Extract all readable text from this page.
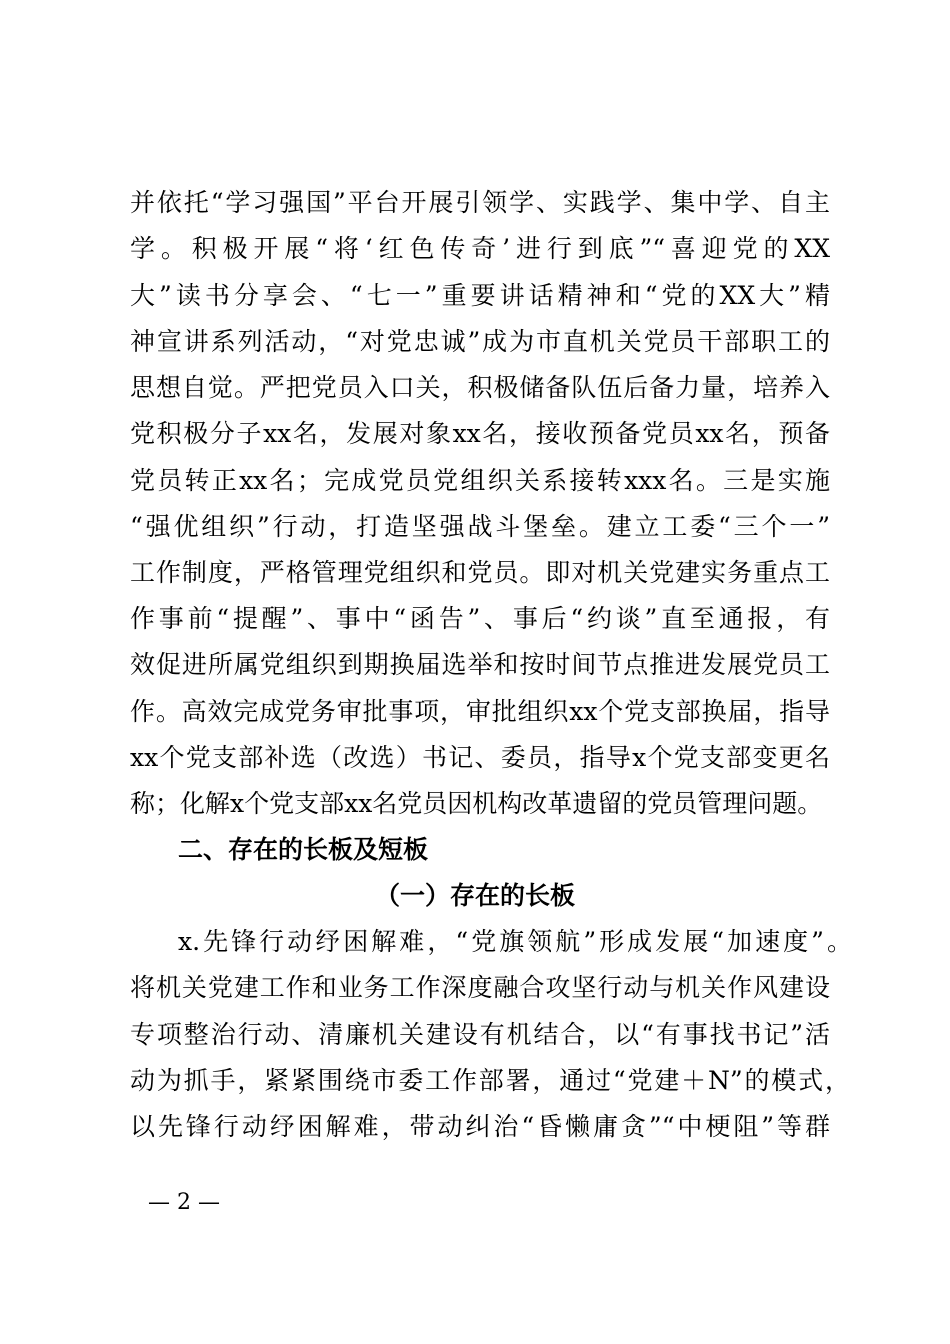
并依托“学习强国”平台开展引领学、实践学、集中学、自主
学。积极开展“将‘红色传奇’进行到底”“喜迎党的XX
大”读书分享会、“七一”重要讲话精神和“党的XX大”精
神宣讲系列活动，“对党忠诚”成为市直机关党员干部职工的
思想自觉。严把党员入口关，积极储备队伍后备力量，培养入
党积极分子xx名，发展对象xx名，接收预备党员xx名，预备
党员转正xx名；完成党员党组织关系接转xxx名。三是实施
“强优组织”行动，打造坚强战斗堡垒。建立工委“三个一”
工作制度，严格管理党组织和党员。即对机关党建实务重点工
作事前“提醒”、事中“函告”、事后“约谈”直至通报，有
效促进所属党组织到期换届选举和按时间节点推进发展党员工
作。高效完成党务审批事项，审批组织xx个党支部换届，指导
xx个党支部补选（改选）书记、委员，指导x个党支部变更名
称；化解x个党支部xx名党员因机构改革遗留的党员管理问题。
二、存在的长板及短板
（一）存在的长板
x.先锋行动纾困解难，“党旗领航”形成发展“加速度”。
将机关党建工作和业务工作深度融合攻坚行动与机关作风建设
专项整治行动、清廉机关建设有机结合，以“有事找书记”活
动为抓手，紧紧围绕市委工作部署，通过“党建＋N”的模式，
以先锋行动纾困解难，带动纠治“昏懒庸贪”“中梗阻”等群
— 2 —
